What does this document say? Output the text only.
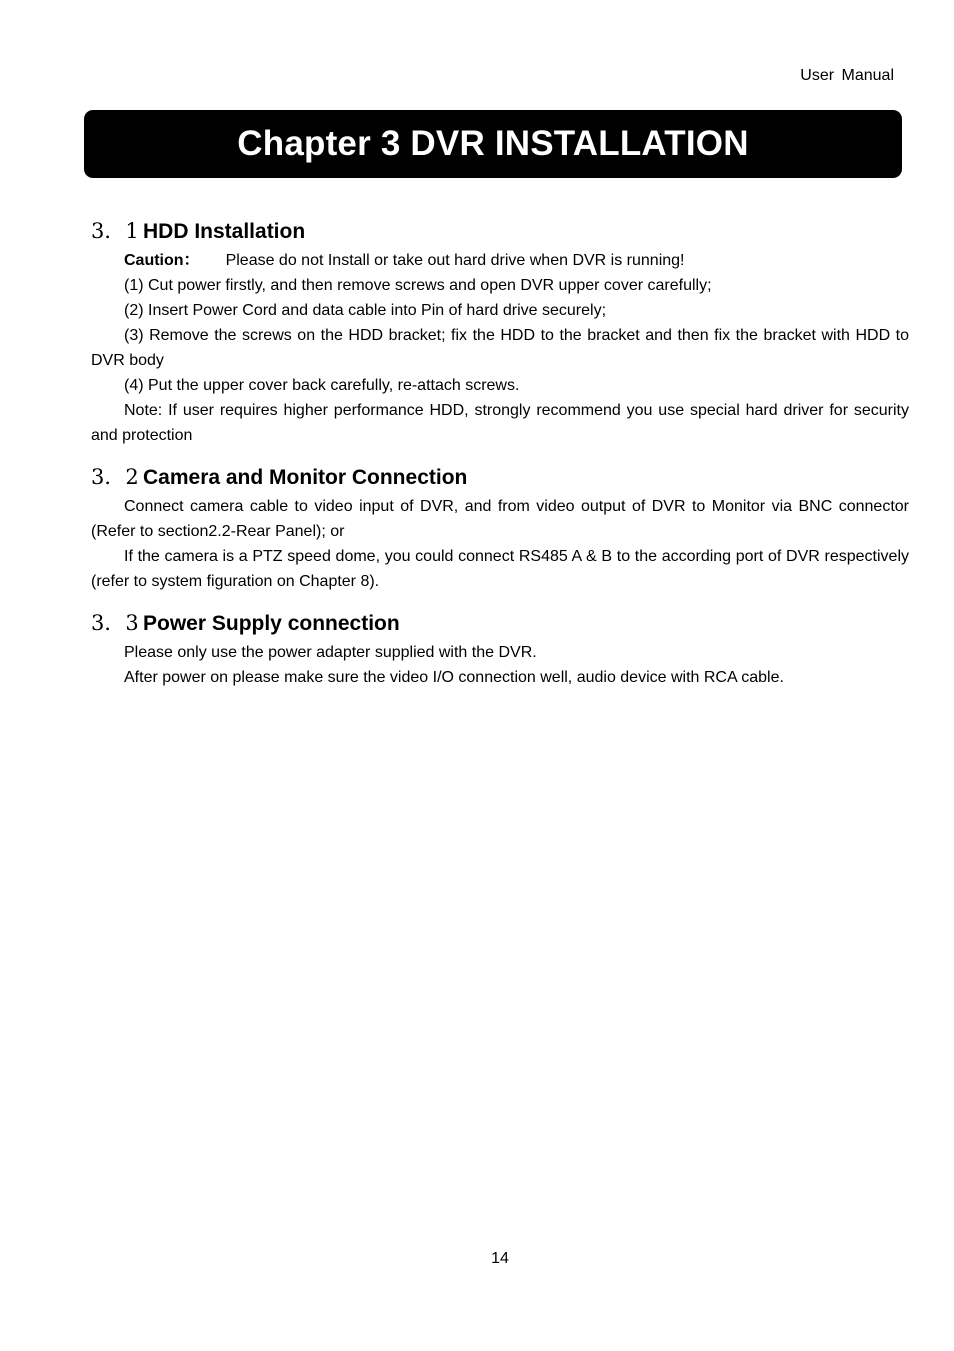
User Manual
Chapter 3 DVR INSTALLATION
3．1 HDD Installation

Caution： Please do not Install or take out hard drive when DVR is running!

(1) Cut power firstly, and then remove screws and open DVR upper cover carefully;

(2) Insert Power Cord and data cable into Pin of hard drive securely;

(3) Remove the screws on the HDD bracket; fix the HDD to the bracket and then fix the bracket with HDD to DVR body

(4) Put the upper cover back carefully, re-attach screws.

Note: If user requires higher performance HDD, strongly recommend you use special hard driver for security and protection

3．2 Camera and Monitor Connection

Connect camera cable to video input of DVR, and from video output of DVR to Monitor via BNC connector (Refer to section2.2-Rear Panel); or

If the camera is a PTZ speed dome, you could connect RS485 A & B to the according port of DVR respectively (refer to system figuration on Chapter 8).

3．3 Power Supply connection

Please only use the power adapter supplied with the DVR.

After power on please make sure the video I/O connection well, audio device with RCA cable.

14
